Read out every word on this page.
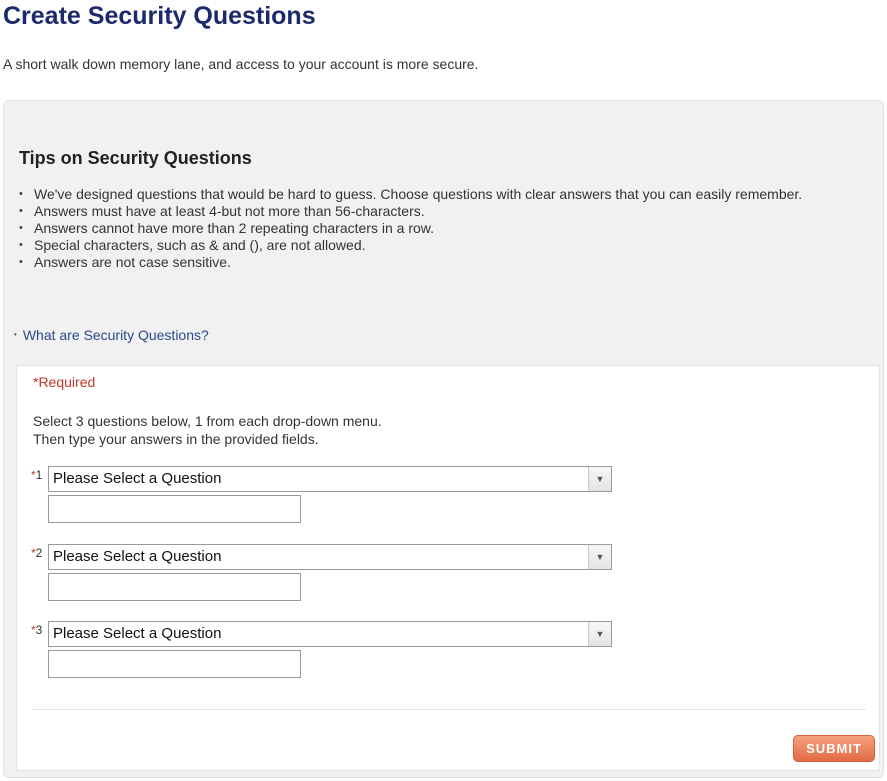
Create Security Questions

A short walk down memory lane, and access to your account is more secure.

Tips on Security Questions
• We've designed questions that would be hard to guess. Choose questions with clear answers that you can easily remember.
• Answers must have at least 4-but not more than 56-characters.
• Answers cannot have more than 2 repeating characters in a row.
• Special characters, such as & and (), are not allowed.
• Answers are not case sensitive.
• What are Security Questions?
*Required
Select 3 questions below, 1 from each drop-down menu.
Then type your answers in the provided fields.
*1 Please Select a Question	▼
*2 Please Select a Question	▼
*3 Please Select a Question	▼
SUBMIT
